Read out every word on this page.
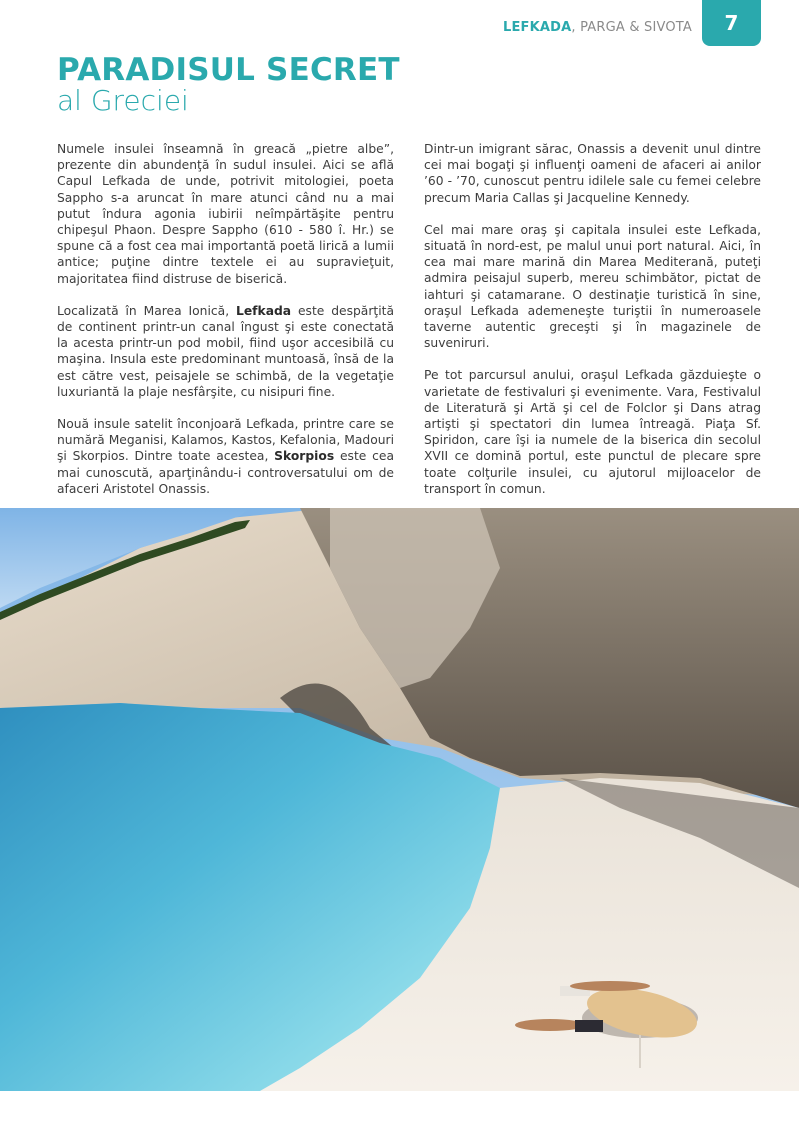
LEFKADA, PARGA & SIVOTA 7
PARADISUL SECRET
al Greciei

Numele insulei înseamnă în greacă „pietre albe”, prezente din abundenţă în sudul insulei. Aici se află Capul Lefkada de unde, potrivit mitologiei, poeta Sappho s-a aruncat în mare atunci când nu a mai putut îndura agonia iubirii neîmpărtăşite pentru chipeşul Phaon. Despre Sappho (610 - 580 î. Hr.) se spune că a fost cea mai importantă poetă lirică a lumii antice; puţine dintre textele ei au supravieţuit, majoritatea fiind distruse de biserică.

Localizată în Marea Ionică, Lefkada este despărţită de continent printr-un canal îngust şi este conectată la acesta printr-un pod mobil, fiind uşor accesibilă cu maşina. Insula este predominant muntoasă, însă de la est către vest, peisajele se schimbă, de la vegetaţie luxuriantă la plaje nesfârşite, cu nisipuri fine.

Nouă insule satelit înconjoară Lefkada, printre care se numără Meganisi, Kalamos, Kastos, Kefalonia, Madouri şi Skorpios. Dintre toate acestea, Skorpios este cea mai cunoscută, aparţinându-i controversatului om de afaceri Aristotel Onassis.

Dintr-un imigrant sărac, Onassis a devenit unul dintre cei mai bogaţi şi influenţi oameni de afaceri ai anilor ’60 - ’70, cunoscut pentru idilele sale cu femei celebre precum Maria Callas şi Jacqueline Kennedy.

Cel mai mare oraş şi capitala insulei este Lefkada, situată în nord-est, pe malul unui port natural. Aici, în cea mai mare marină din Marea Mediterană, puteţi admira peisajul superb, mereu schimbător, pictat de iahturi şi catamarane. O destinaţie turistică în sine, oraşul Lefkada ademeneşte turiştii în numeroasele taverne autentic greceşti şi în magazinele de suveniruri.

Pe tot parcursul anului, oraşul Lefkada găzduieşte o varietate de festivaluri şi evenimente. Vara, Festivalul de Literatură şi Artă şi cel de Folclor şi Dans atrag artişti şi spectatori din lumea întreagă. Piaţa Sf. Spiridon, care îşi ia numele de la biserica din secolul XVII ce domină portul, este punctul de plecare spre toate colţurile insulei, cu ajutorul mijloacelor de transport în comun.
